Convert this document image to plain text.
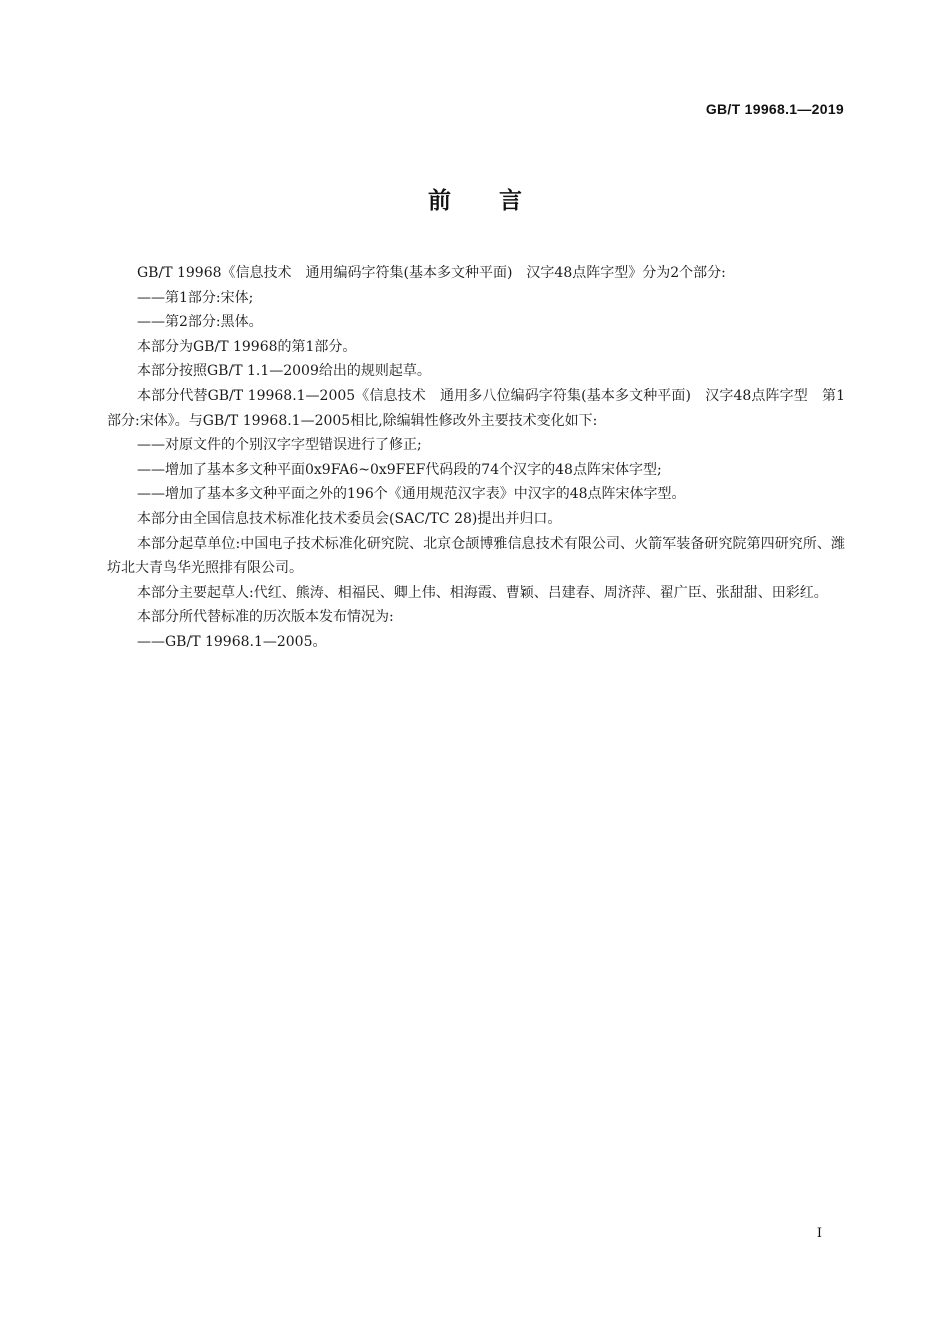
GB/T 19968.1—2019
前言

GB/T 19968《信息技术　通用编码字符集(基本多文种平面)　汉字48点阵字型》分为2个部分:

——第1部分:宋体;

——第2部分:黑体。

本部分为GB/T 19968的第1部分。

本部分按照GB/T 1.1—2009给出的规则起草。

本部分代替GB/T 19968.1—2005《信息技术　通用多八位编码字符集(基本多文种平面)　汉字48点阵字型　第1部分:宋体》。与GB/T 19968.1—2005相比,除编辑性修改外主要技术变化如下:

——对原文件的个别汉字字型错误进行了修正;

——增加了基本多文种平面0x9FA6~0x9FEF代码段的74个汉字的48点阵宋体字型;

——增加了基本多文种平面之外的196个《通用规范汉字表》中汉字的48点阵宋体字型。

本部分由全国信息技术标准化技术委员会(SAC/TC 28)提出并归口。

本部分起草单位:中国电子技术标准化研究院、北京仓颉博雅信息技术有限公司、火箭军装备研究院第四研究所、潍坊北大青鸟华光照排有限公司。

本部分主要起草人:代红、熊涛、相福民、卿上伟、相海霞、曹颖、吕建春、周济萍、翟广臣、张甜甜、田彩红。

本部分所代替标准的历次版本发布情况为:

——GB/T 19968.1—2005。

I
